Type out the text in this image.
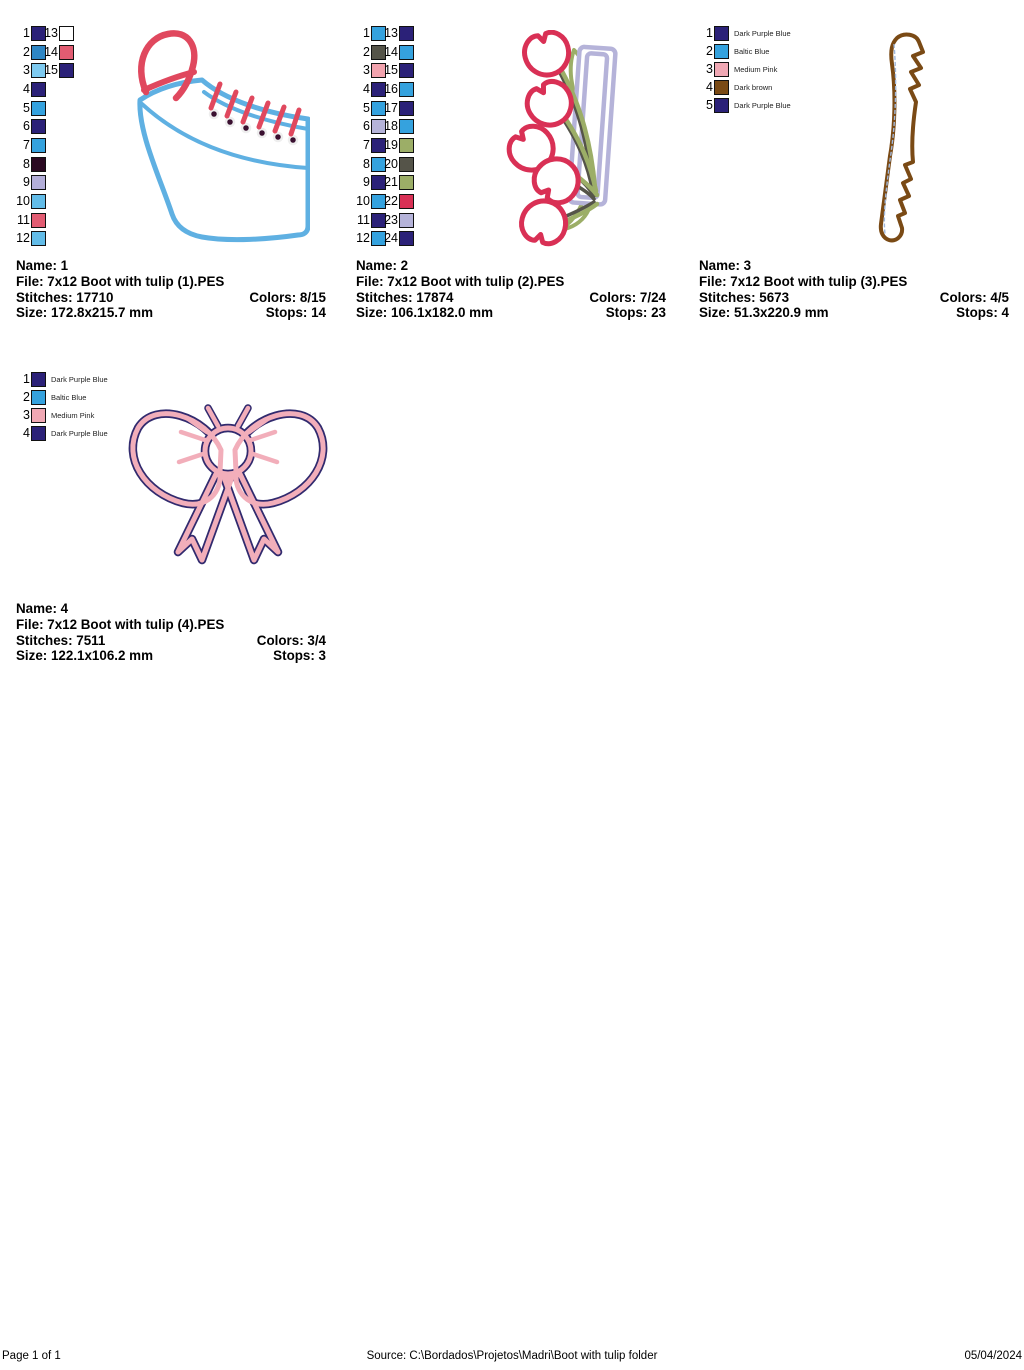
1
2
3
4
5
6
7
8
9
10
11
12
13
14
15
Name: 1
File: 7x12 Boot with tulip (1).PES
Stitches: 17710	Colors: 8/15
Size: 172.8x215.7 mm	Stops: 14
1
2
3
4
5
6
7
8
9
10
11
12
13
14
15
16
17
18
19
20
21
22
23
24
Name: 2
File: 7x12 Boot with tulip (2).PES
Stitches: 17874	Colors: 7/24
Size: 106.1x182.0 mm	Stops: 23
1	Dark Purple Blue
2	Baltic Blue
3	Medium Pink
4	Dark brown
5	Dark Purple Blue
Name: 3
File: 7x12 Boot with tulip (3).PES
Stitches: 5673	Colors: 4/5
Size: 51.3x220.9 mm	Stops: 4
1	Dark Purple Blue
2	Baltic Blue
3	Medium Pink
4	Dark Purple Blue
Name: 4
File: 7x12 Boot with tulip (4).PES
Stitches: 7511	Colors: 3/4
Size: 122.1x106.2 mm	Stops: 3
Page 1 of 1	Source: C:\Bordados\Projetos\Madri\Boot with tulip folder	05/04/2024
